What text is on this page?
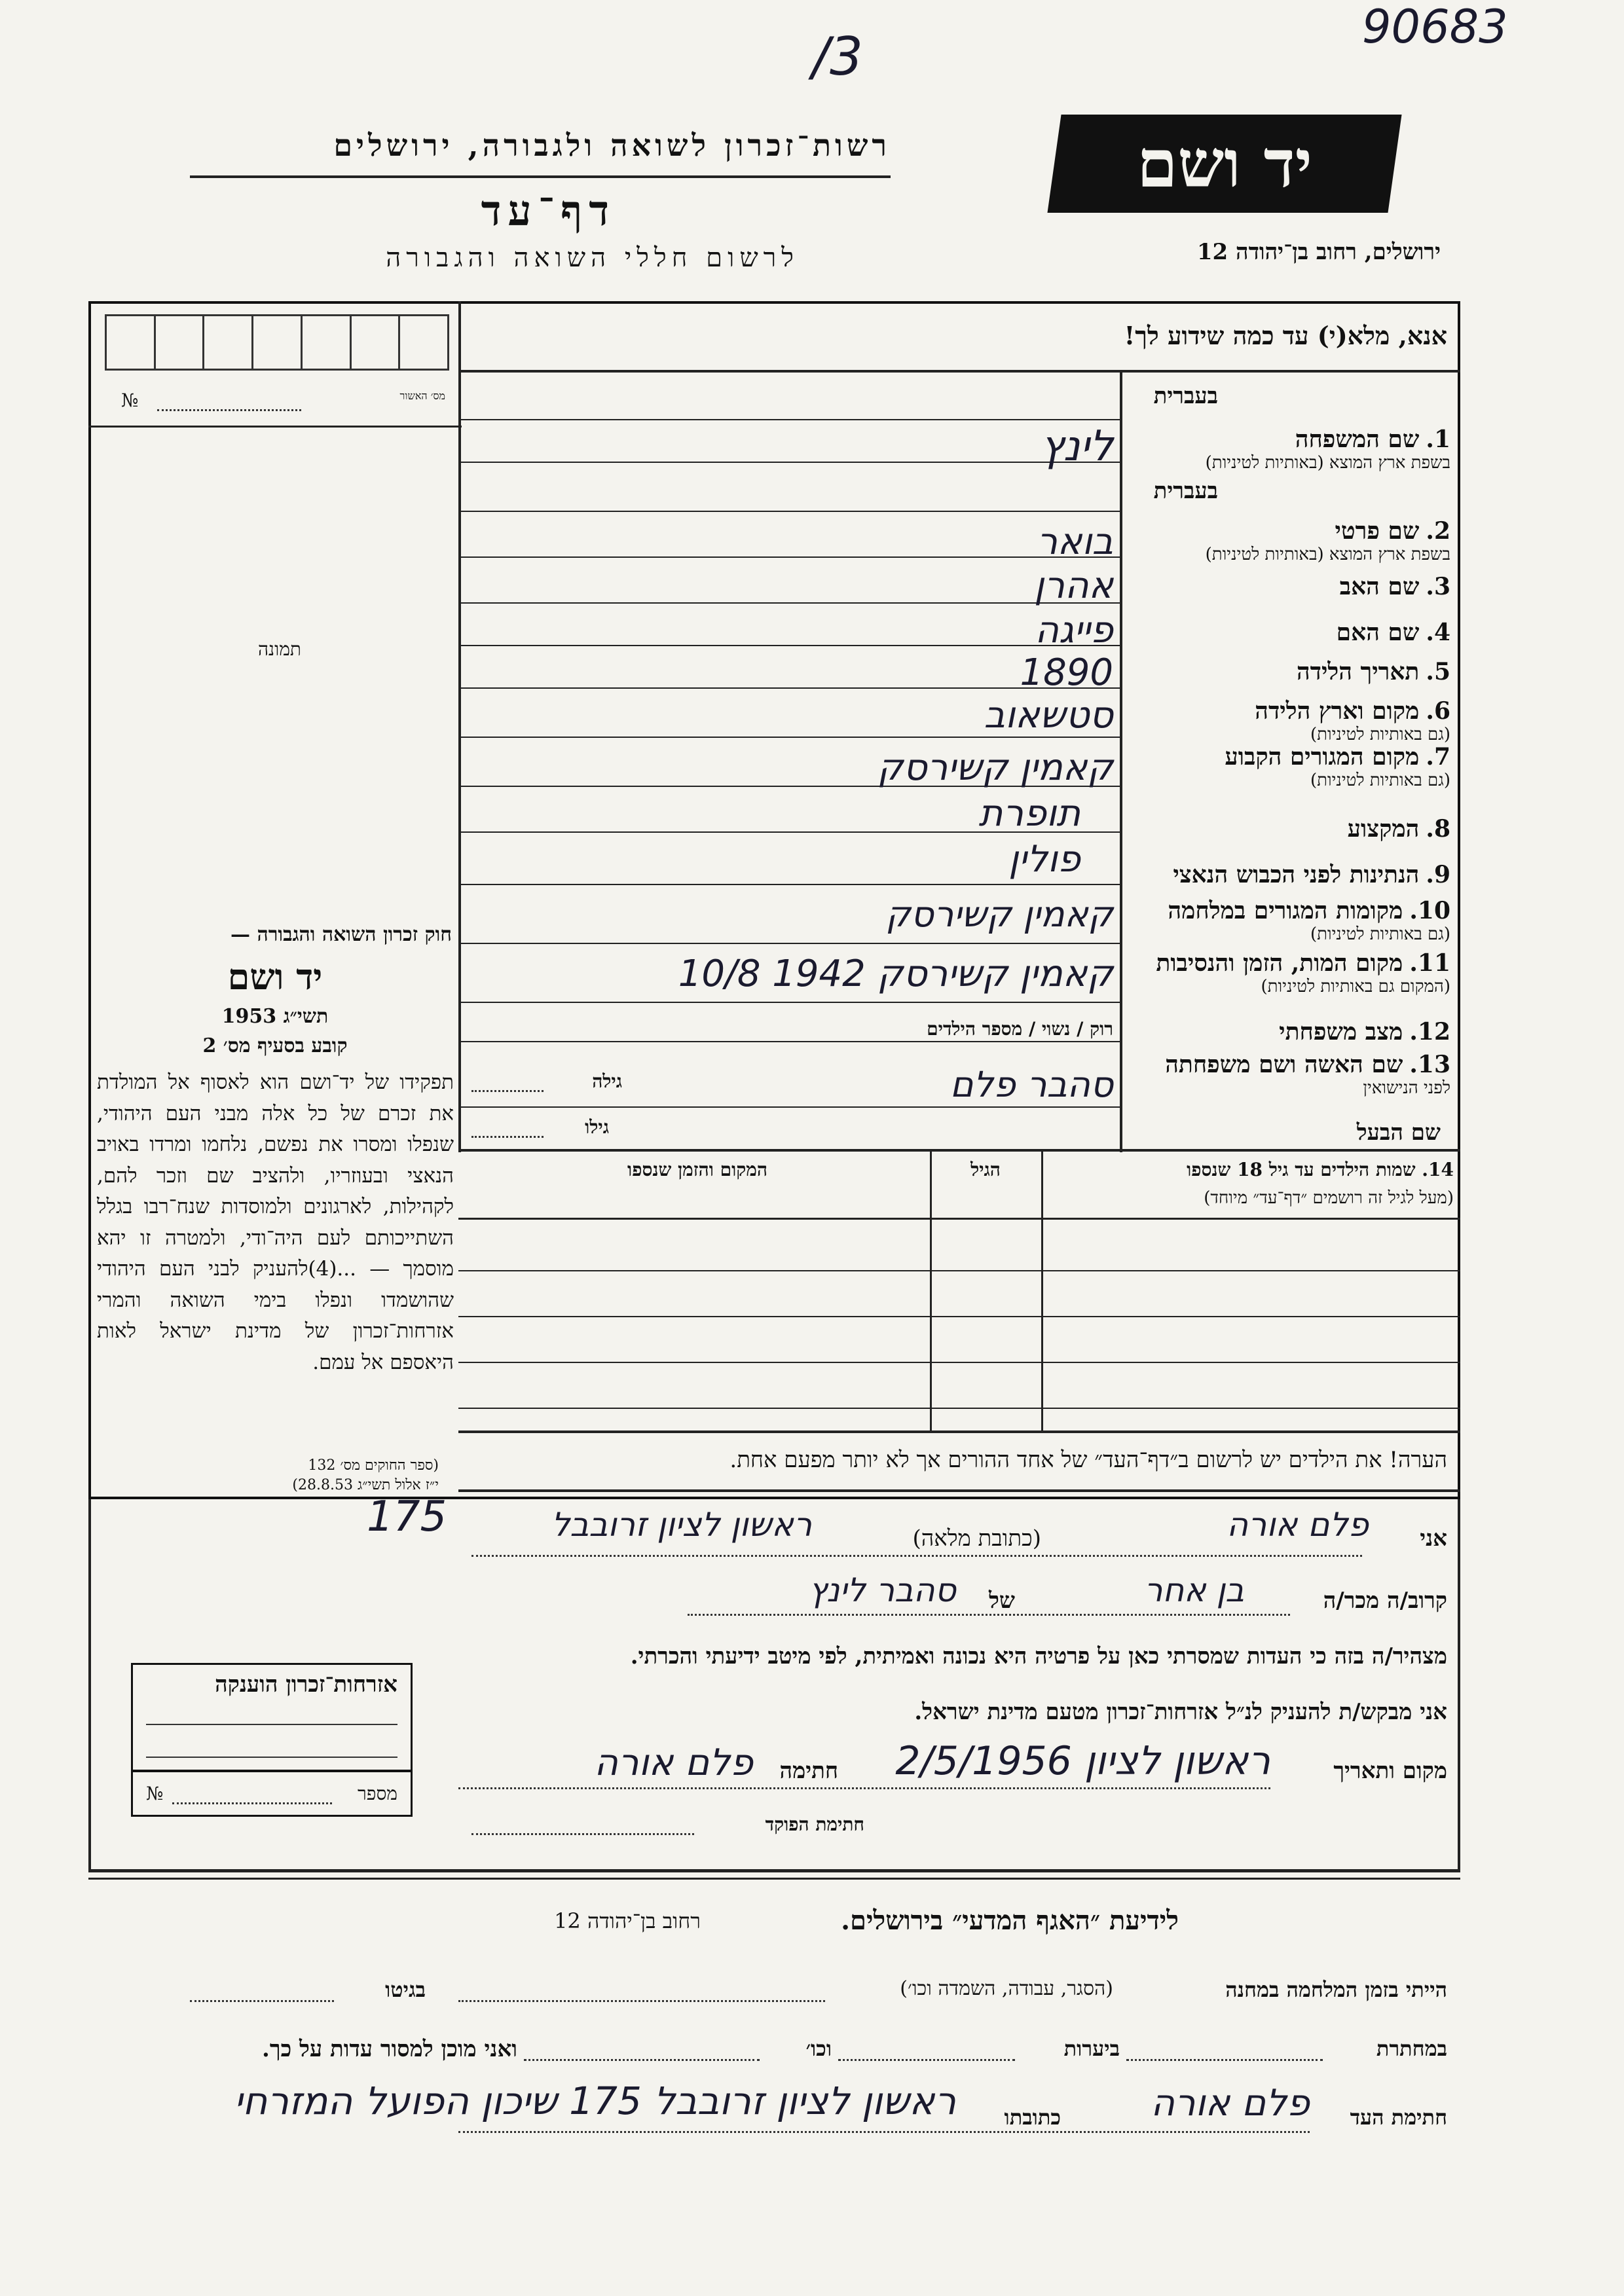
90683
/3
רשות־זכרון לשואה ולגבורה, ירושלים
דף־עד
לרשום חללי השואה והגבורה
יד ושם
ירושלים, רחוב בן־יהודה 12
אנא, מלא(י) עד כמה שידוע לך!
מס׳ האשור
№
תמונה
בעברית
בעברית
1.
שם המשפחה
בשפת ארץ המוצא (באותיות לטיניות)
2.
שם פרטי
בשפת ארץ המוצא (באותיות לטיניות)
3.
שם האב
4.
שם האם
5.
תאריך הלידה
6.
מקום וארץ הלידה
(גם באותיות לטיניות)
7.
מקום המגורים הקבוע
(גם באותיות לטיניות)
8.
המקצוע
9.
הנתינות לפני הכבוש הנאצי
10.
מקומות המגורים במלחמה
(גם באותיות לטיניות)
11.
מקום המות, הזמן והנסיבות
(המקום גם באותיות לטיניות)
12.
מצב משפחתי
13.
שם האשה ושם משפחתה
לפני הנישואין
לינץ
בואר
אהרן
פייגה
1890
סטשאוב
קאמין קשירסק
תופרת
פולין
קאמין קשירסק
קאמין קשירסק 1942 10/8
סהבר פלם
רוק / נשוי / מספר הילדים
גילה
גילו	שם הבעל
חוק זכרון השואה והגבורה —
יד ושם
תשי״ג 1953
קובע בסעיף מס׳ 2
תפקידו של יד־ושם הוא לאסוף אל המולדת את זכרם של כל אלה מבני העם היהודי, שנפלו ומסרו את נפשם, נלחמו ומרדו באויב הנאצי ובעוזריו, ולהציב שם וזכר להם, לקהילות, לארגונים ולמוסדות שנח־רבו בגלל השתייכותם לעם היה־ודי, ולמטרה זו יהא מוסמך — ...(4)להעניק לבני העם היהודי שהושמדו ונפלו בימי השואה והמרי אזרחות־זכרון של מדינת ישראל לאות היאספם אל עמם.
(ספר החוקים מס׳ 132
י״ז אלול תשי״ג 28.8.53)
14. שמות הילדים עד גיל 18 שנספו
(מעל לגיל זה רושמים ״דף־עד״ מיוחד)
הגיל
המקום והזמן שנספו
הערה! את הילדים יש לרשום ב״דף־העד״ של אחד ההורים אך לא יותר מפעם אחת.
אני
פלם אורה
(כתובת מלאה)
ראשון לציון זרובבל
175
קרוב/ה מכר/ה
בן אחר
של
סהבר לינץ
מצהיר/ה בזה כי העדות שמסרתי כאן על פרטיה היא נכונה ואמיתית, לפי מיטב ידיעתי והכרתי.
אני מבקש/ת להעניק לנ״ל אזרחות־זכרון מטעם מדינת ישראל.
מקום ותאריך
ראשון לציון 2/5/1956
חתימה
פלם אורה
חתימת הפוקד
אזרחות־זכרון הוענקה
מספר
№
לידיעת ״האגף המדעי״ בירושלים.
רחוב בן־יהודה 12
הייתי בזמן המלחמה במחנה
(הסגר, עבודה, השמדה וכו׳)
בגיטו
במחתרת
ביערות
וכו׳
ואני מוכן למסור עדות על כך.
חתימת העד
פלם אורה
כתובתו
ראשון לציון זרובבל 175 שיכון הפועל המזרחי
